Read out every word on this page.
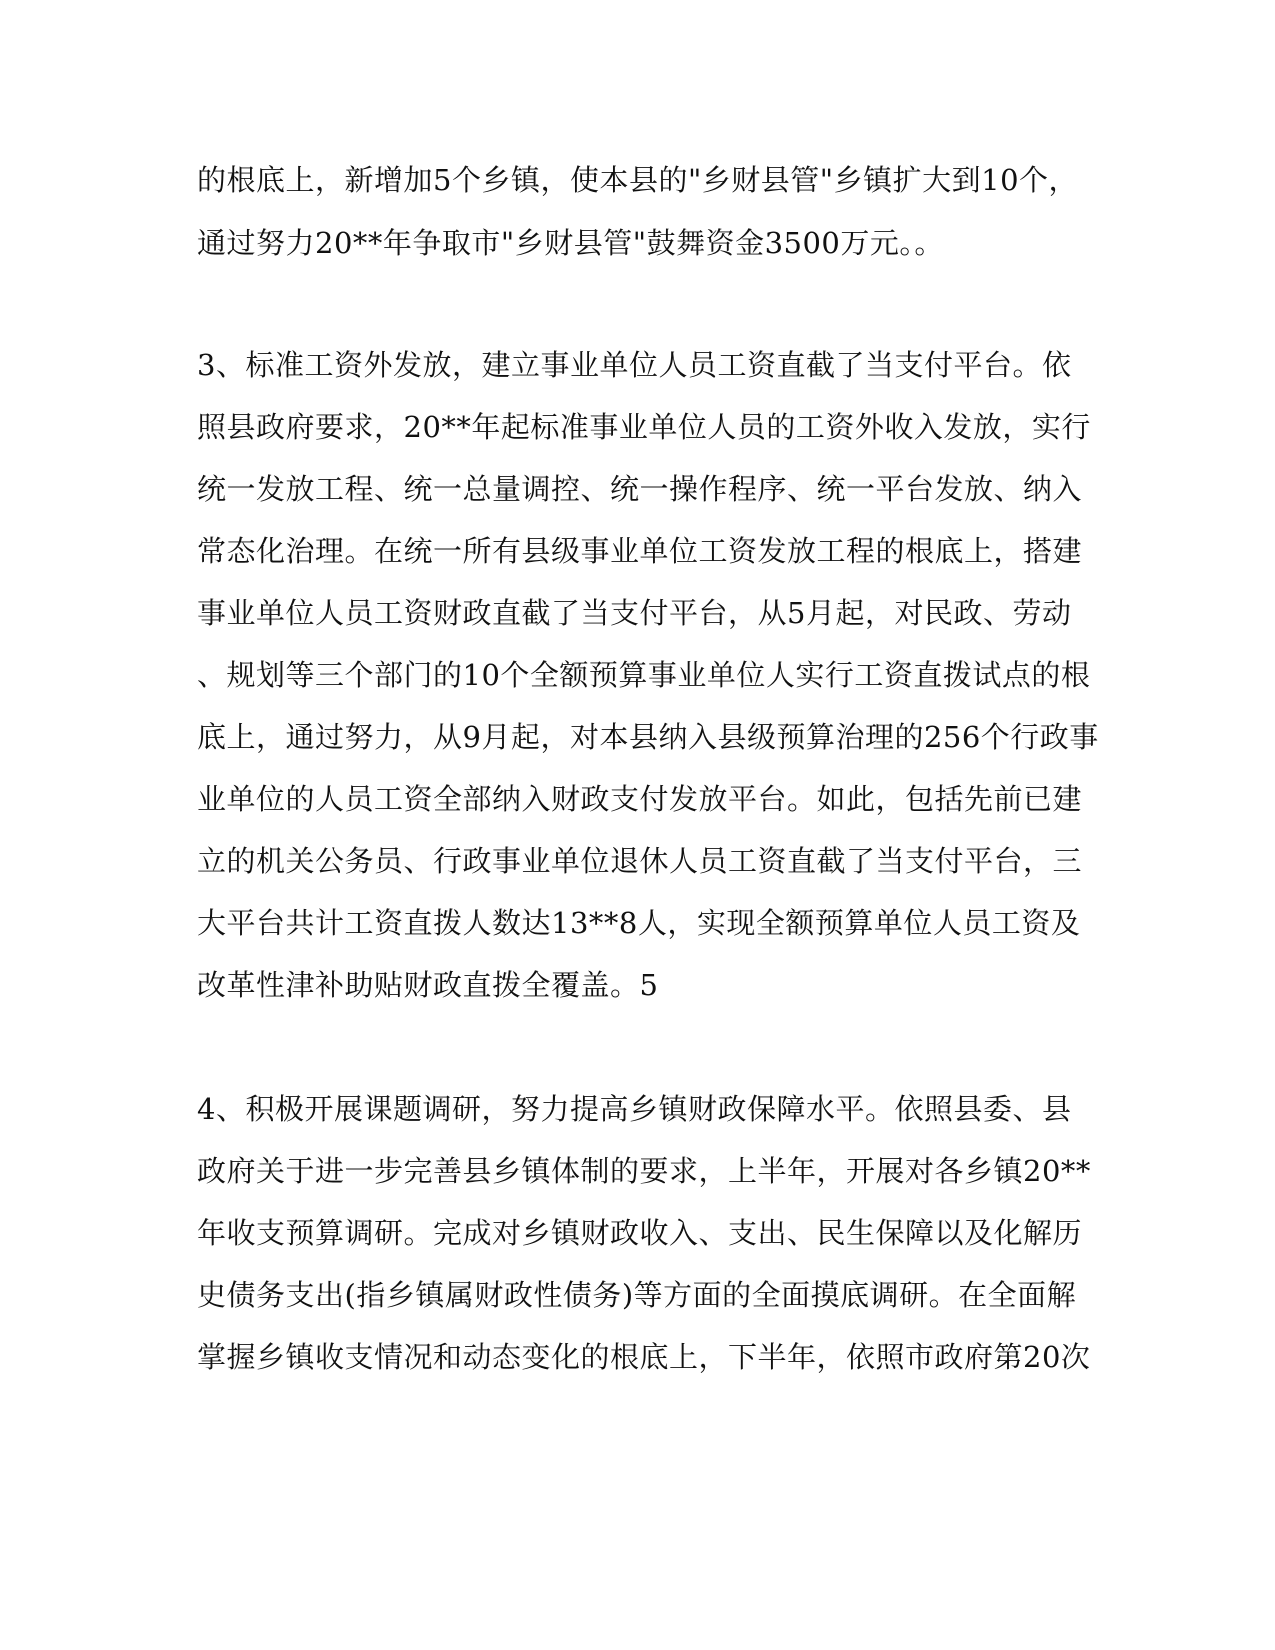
的根底上，新增加5个乡镇，使本县的"乡财县管"乡镇扩大到10个，
通过努力20**年争取市"乡财县管"鼓舞资金3500万元。。
3、标准工资外发放，建立事业单位人员工资直截了当支付平台。依
照县政府要求，20**年起标准事业单位人员的工资外收入发放，实行
统一发放工程、统一总量调控、统一操作程序、统一平台发放、纳入
常态化治理。在统一所有县级事业单位工资发放工程的根底上，搭建
事业单位人员工资财政直截了当支付平台，从5月起，对民政、劳动
、规划等三个部门的10个全额预算事业单位人实行工资直拨试点的根
底上，通过努力，从9月起，对本县纳入县级预算治理的256个行政事
业单位的人员工资全部纳入财政支付发放平台。如此，包括先前已建
立的机关公务员、行政事业单位退休人员工资直截了当支付平台，三
大平台共计工资直拨人数达13**8人，实现全额预算单位人员工资及
改革性津补助贴财政直拨全覆盖。5
4、积极开展课题调研，努力提高乡镇财政保障水平。依照县委、县
政府关于进一步完善县乡镇体制的要求，上半年，开展对各乡镇20**
年收支预算调研。完成对乡镇财政收入、支出、民生保障以及化解历
史债务支出(指乡镇属财政性债务)等方面的全面摸底调研。在全面解
掌握乡镇收支情况和动态变化的根底上，下半年，依照市政府第20次
